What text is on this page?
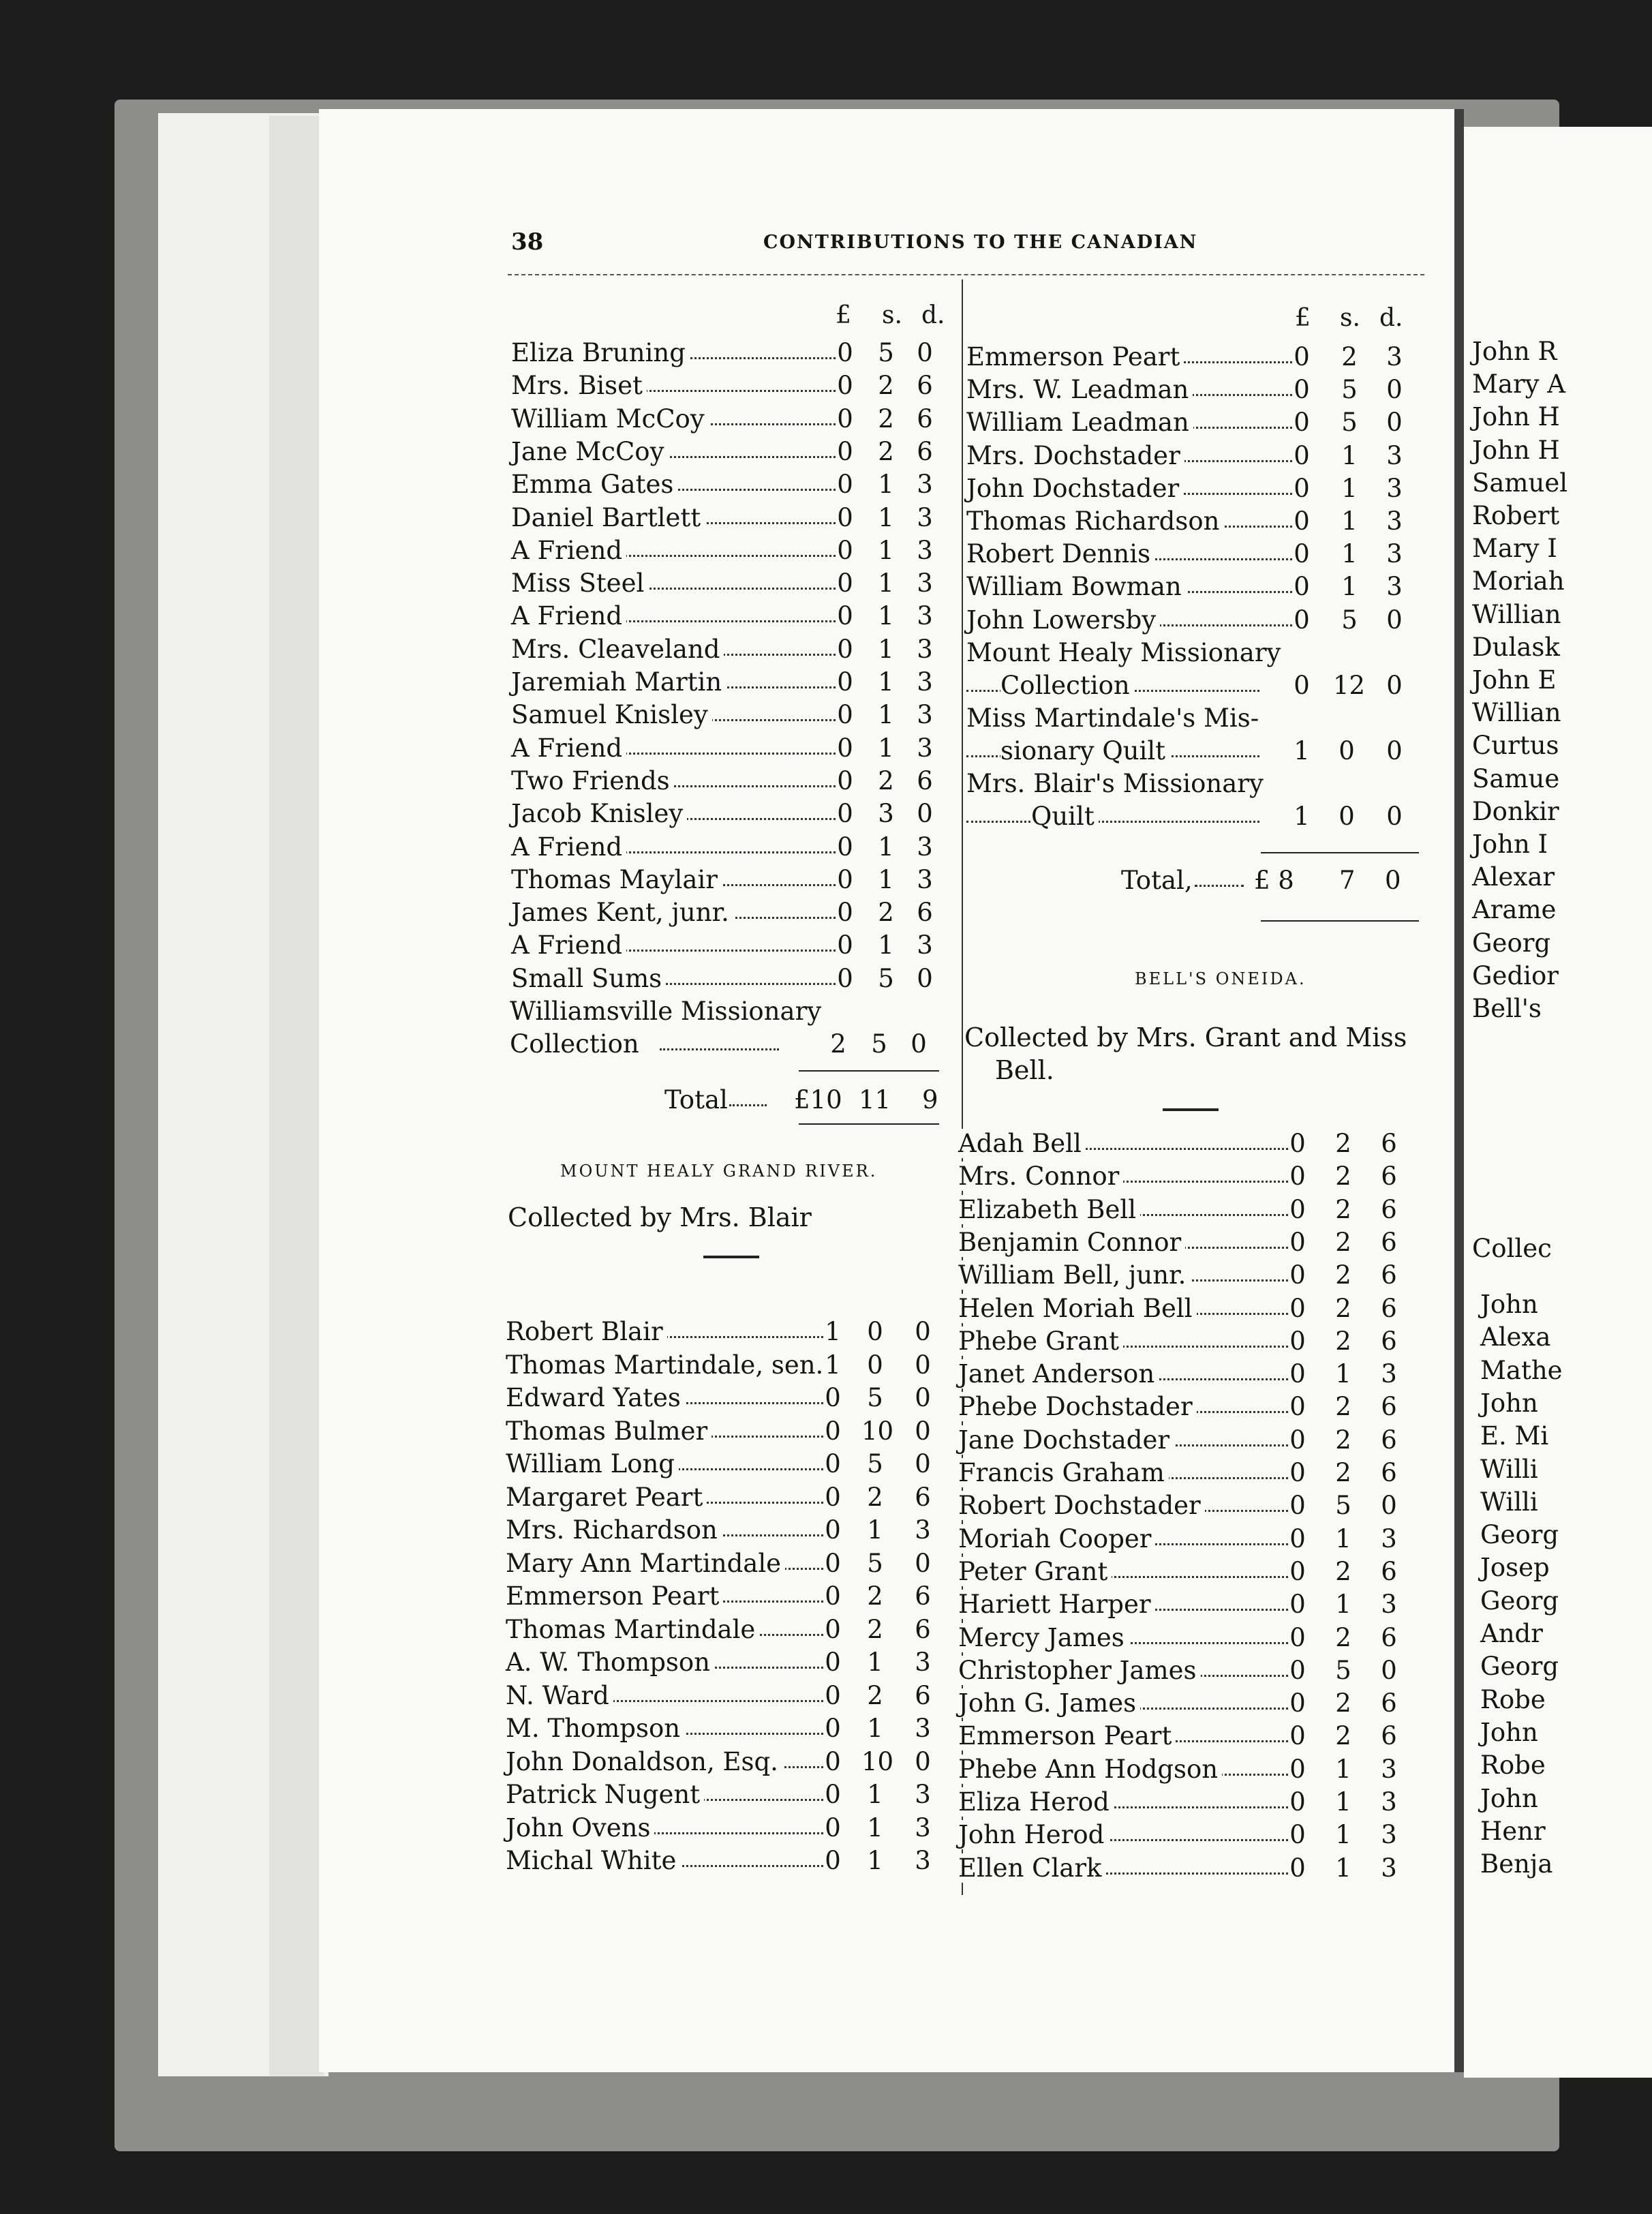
John R
Mary A
John H
John H
Samuel
Robert
Mary I
Moriah
Willian
Dulask
John E
Willian
Curtus
Samue
Donkir
John I
Alexar
Arame
Georg
Gedior
Bell's
Collec
John
Alexa
Mathe
John
E. Mi
Willi
Willi
Georg
Josep
Georg
Andr
Georg
Robe
John
Robe
John
Henr
Benja
38	CONTRIBUTIONS TO THE CANADIAN
£ s. d.
Eliza Bruning	0 5 0
Mrs. Biset	0 2 6
William McCoy	0 2 6
Jane McCoy	0 2 6
Emma Gates	0 1 3
Daniel Bartlett	0 1 3
A Friend	0 1 3
Miss Steel	0 1 3
A Friend	0 1 3
Mrs. Cleaveland	0 1 3
Jaremiah Martin	0 1 3
Samuel Knisley	0 1 3
A Friend	0 1 3
Two Friends	0 2 6
Jacob Knisley	0 3 0
A Friend	0 1 3
Thomas Maylair	0 1 3
James Kent, junr.	0 2 6
A Friend	0 1 3
Small Sums	0 5 0
Williamsville Missionary
Collection	2 5 0
Total	£10 11 9
MOUNT HEALY GRAND RIVER.
Collected by Mrs. Blair
Robert Blair	1 0 0
Thomas Martindale, sen. 1 0 0
Edward Yates	0 5 0
Thomas Bulmer	0 10 0
William Long	0 5 0
Margaret Peart	0 2 6
Mrs. Richardson	0 1 3
Mary Ann Martindale 0 5 0
Emmerson Peart	0 2 6
Thomas Martindale	0 2 6
A. W. Thompson	0 1 3
N. Ward	0 2 6
M. Thompson	0 1 3
John Donaldson, Esq. 0 10 0
Patrick Nugent	0 1 3
John Ovens	0 1 3
Michal White	0 1 3
£ s. d.
Emmerson Peart	0 2 3
Mrs. W. Leadman	0 5 0
William Leadman	0 5 0
Mrs. Dochstader	0 1 3
John Dochstader	0 1 3
Thomas Richardson	0 1 3
Robert Dennis	0 1 3
William Bowman	0 1 3
John Lowersby	0 5 0
Mount Healy Missionary
Collection	0 12 0
Miss Martindale's Mis-
sionary Quilt	1 0 0
Mrs. Blair's Missionary
Quilt	1 0 0
Total, £ 8 7 0
BELL'S ONEIDA.
Collected by Mrs. Grant and Miss
Bell.
Adah Bell	0 2 6
Mrs. Connor	0 2 6
Elizabeth Bell	0 2 6
Benjamin Connor	0 2 6
William Bell, junr.	0 2 6
Helen Moriah Bell	0 2 6
Phebe Grant	0 2 6
Janet Anderson	0 1 3
Phebe Dochstader	0 2 6
Jane Dochstader	0 2 6
Francis Graham	0 2 6
Robert Dochstader	0 5 0
Moriah Cooper	0 1 3
Peter Grant	0 2 6
Hariett Harper	0 1 3
Mercy James	0 2 6
Christopher James	0 5 0
John G. James	0 2 6
Emmerson Peart	0 2 6
Phebe Ann Hodgson	0 1 3
Eliza Herod	0 1 3
John Herod	0 1 3
Ellen Clark	0 1 3
